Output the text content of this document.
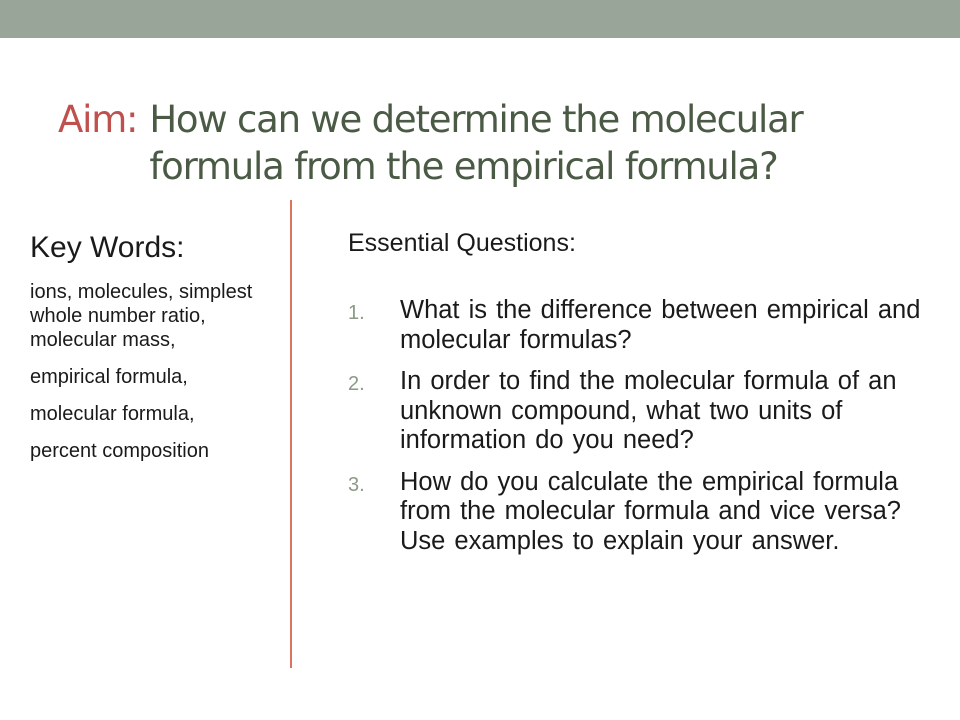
Aim: How can we determine the molecular formula from the empirical formula?
Key Words:
ions, molecules, simplest whole number ratio, molecular mass,
empirical formula,
molecular formula,
percent composition
Essential Questions:
1. What is the difference between empirical and molecular formulas?
2. In order to find the molecular formula of an unknown compound, what two units of information do you need?
3. How do you calculate the empirical formula from the molecular formula and vice versa? Use examples to explain your answer.
